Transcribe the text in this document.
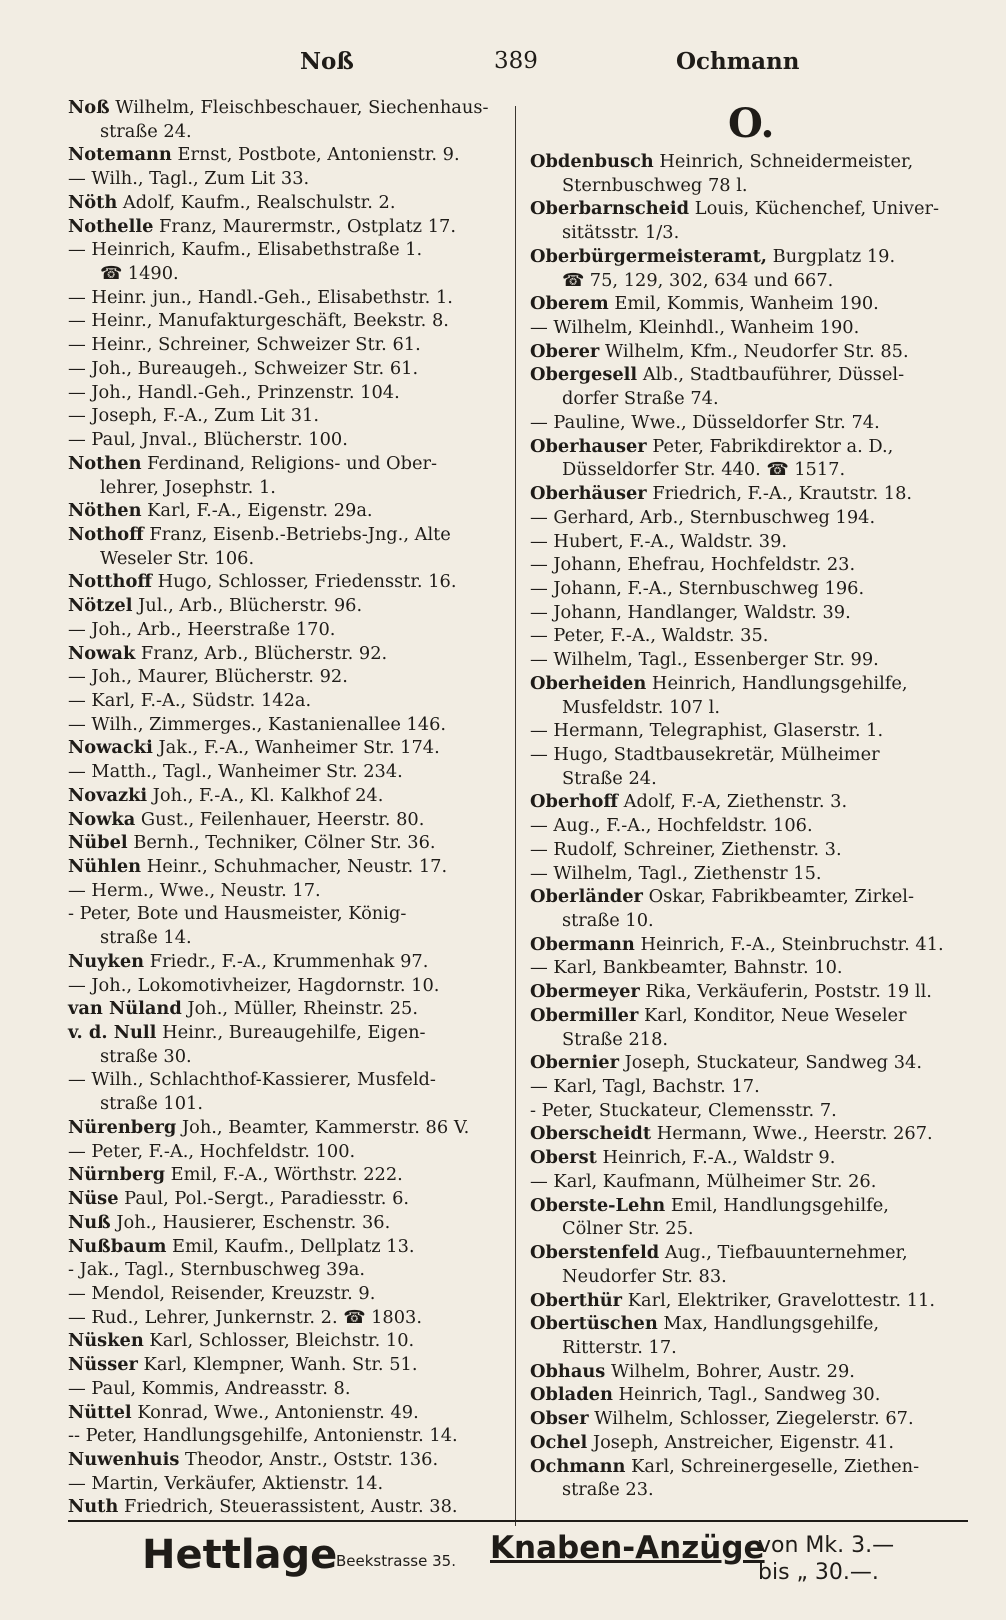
Noß	389	Ochmann

Noß Wilhelm, Fleischbeschauer, Siechenhaus-

straße 24.

Notemann Ernst, Postbote, Antonienstr. 9.

— Wilh., Tagl., Zum Lit 33.

Nöth Adolf, Kaufm., Realschulstr. 2.

Nothelle Franz, Maurermstr., Ostplatz 17.

— Heinrich, Kaufm., Elisabethstraße 1.

☎ 1490.

— Heinr. jun., Handl.-Geh., Elisabethstr. 1.

— Heinr., Manufakturgeschäft, Beekstr. 8.

— Heinr., Schreiner, Schweizer Str. 61.

— Joh., Bureaugeh., Schweizer Str. 61.

— Joh., Handl.-Geh., Prinzenstr. 104.

— Joseph, F.-A., Zum Lit 31.

— Paul, Jnval., Blücherstr. 100.

Nothen Ferdinand, Religions- und Ober-

lehrer, Josephstr. 1.

Nöthen Karl, F.-A., Eigenstr. 29a.

Nothoff Franz, Eisenb.-Betriebs-Jng., Alte

Weseler Str. 106.

Notthoff Hugo, Schlosser, Friedensstr. 16.

Nötzel Jul., Arb., Blücherstr. 96.

— Joh., Arb., Heerstraße 170.

Nowak Franz, Arb., Blücherstr. 92.

— Joh., Maurer, Blücherstr. 92.

— Karl, F.-A., Südstr. 142a.

— Wilh., Zimmerges., Kastanienallee 146.

Nowacki Jak., F.-A., Wanheimer Str. 174.

— Matth., Tagl., Wanheimer Str. 234.

Novazki Joh., F.-A., Kl. Kalkhof 24.

Nowka Gust., Feilenhauer, Heerstr. 80.

Nübel Bernh., Techniker, Cölner Str. 36.

Nühlen Heinr., Schuhmacher, Neustr. 17.

— Herm., Wwe., Neustr. 17.

- Peter, Bote und Hausmeister, König-

straße 14.

Nuyken Friedr., F.-A., Krummenhak 97.

— Joh., Lokomotivheizer, Hagdornstr. 10.

van Nüland Joh., Müller, Rheinstr. 25.

v. d. Null Heinr., Bureaugehilfe, Eigen-

straße 30.

— Wilh., Schlachthof-Kassierer, Musfeld-

straße 101.

Nürenberg Joh., Beamter, Kammerstr. 86 V.

— Peter, F.-A., Hochfeldstr. 100.

Nürnberg Emil, F.-A., Wörthstr. 222.

Nüse Paul, Pol.-Sergt., Paradiesstr. 6.

Nuß Joh., Hausierer, Eschenstr. 36.

Nußbaum Emil, Kaufm., Dellplatz 13.

- Jak., Tagl., Sternbuschweg 39a.

— Mendol, Reisender, Kreuzstr. 9.

— Rud., Lehrer, Junkernstr. 2. ☎ 1803.

Nüsken Karl, Schlosser, Bleichstr. 10.

Nüsser Karl, Klempner, Wanh. Str. 51.

— Paul, Kommis, Andreasstr. 8.

Nüttel Konrad, Wwe., Antonienstr. 49.

-- Peter, Handlungsgehilfe, Antonienstr. 14.

Nuwenhuis Theodor, Anstr., Oststr. 136.

— Martin, Verkäufer, Aktienstr. 14.

Nuth Friedrich, Steuerassistent, Austr. 38.

O.

Obdenbusch Heinrich, Schneidermeister,

Sternbuschweg 78 l.

Oberbarnscheid Louis, Küchenchef, Univer-

sitätsstr. 1/3.

Oberbürgermeisteramt, Burgplatz 19.

☎ 75, 129, 302, 634 und 667.

Oberem Emil, Kommis, Wanheim 190.

— Wilhelm, Kleinhdl., Wanheim 190.

Oberer Wilhelm, Kfm., Neudorfer Str. 85.

Obergesell Alb., Stadtbauführer, Düssel-

dorfer Straße 74.

— Pauline, Wwe., Düsseldorfer Str. 74.

Oberhauser Peter, Fabrikdirektor a. D.,

Düsseldorfer Str. 440. ☎ 1517.

Oberhäuser Friedrich, F.-A., Krautstr. 18.

— Gerhard, Arb., Sternbuschweg 194.

— Hubert, F.-A., Waldstr. 39.

— Johann, Ehefrau, Hochfeldstr. 23.

— Johann, F.-A., Sternbuschweg 196.

— Johann, Handlanger, Waldstr. 39.

— Peter, F.-A., Waldstr. 35.

— Wilhelm, Tagl., Essenberger Str. 99.

Oberheiden Heinrich, Handlungsgehilfe,

Musfeldstr. 107 l.

— Hermann, Telegraphist, Glaserstr. 1.

— Hugo, Stadtbausekretär, Mülheimer

Straße 24.

Oberhoff Adolf, F.-A, Ziethenstr. 3.

— Aug., F.-A., Hochfeldstr. 106.

— Rudolf, Schreiner, Ziethenstr. 3.

— Wilhelm, Tagl., Ziethenstr 15.

Oberländer Oskar, Fabrikbeamter, Zirkel-

straße 10.

Obermann Heinrich, F.-A., Steinbruchstr. 41.

— Karl, Bankbeamter, Bahnstr. 10.

Obermeyer Rika, Verkäuferin, Poststr. 19 ll.

Obermiller Karl, Konditor, Neue Weseler

Straße 218.

Obernier Joseph, Stuckateur, Sandweg 34.

— Karl, Tagl, Bachstr. 17.

- Peter, Stuckateur, Clemensstr. 7.

Oberscheidt Hermann, Wwe., Heerstr. 267.

Oberst Heinrich, F.-A., Waldstr 9.

— Karl, Kaufmann, Mülheimer Str. 26.

Oberste-Lehn Emil, Handlungsgehilfe,

Cölner Str. 25.

Oberstenfeld Aug., Tiefbauunternehmer,

Neudorfer Str. 83.

Oberthür Karl, Elektriker, Gravelottestr. 11.

Obertüschen Max, Handlungsgehilfe,

Ritterstr. 17.

Obhaus Wilhelm, Bohrer, Austr. 29.

Obladen Heinrich, Tagl., Sandweg 30.

Obser Wilhelm, Schlosser, Ziegelerstr. 67.

Ochel Joseph, Anstreicher, Eigenstr. 41.

Ochmann Karl, Schreinergeselle, Ziethen-

straße 23.

Hettlage
Beekstrasse 35. Knaben-Anzüge
von Mk. 3.—
bis „ 30.—.
